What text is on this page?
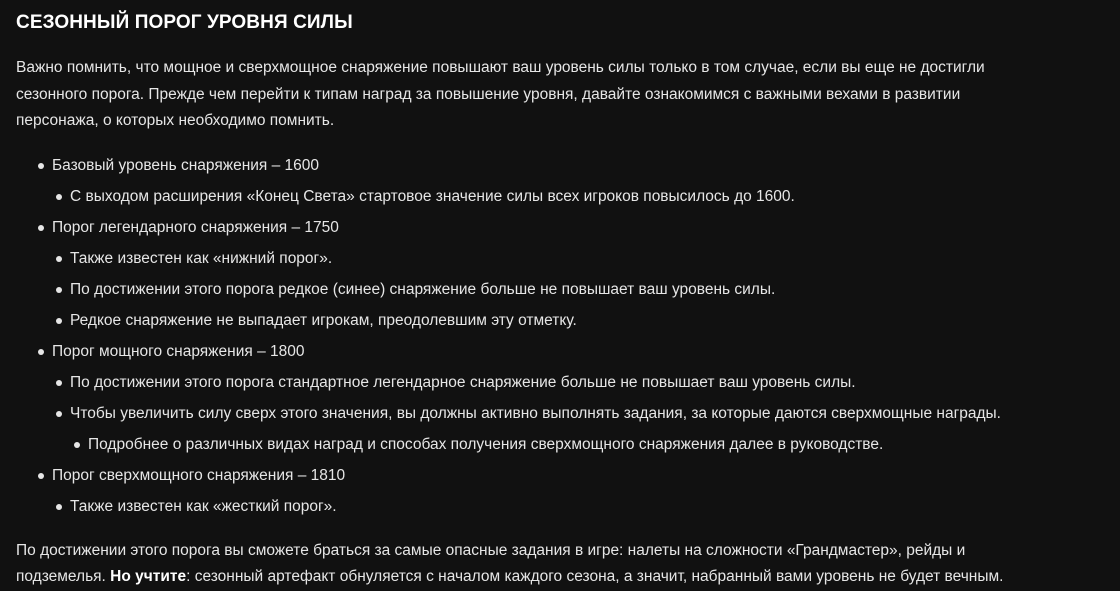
СЕЗОННЫЙ ПОРОГ УРОВНЯ СИЛЫ

Важно помнить, что мощное и сверхмощное снаряжение повышают ваш уровень силы только в том случае, если вы еще не достигли
сезонного порога. Прежде чем перейти к типам наград за повышение уровня, давайте ознакомимся с важными вехами в развитии
персонажа, о которых необходимо помнить.

Базовый уровень снаряжения – 1600
С выходом расширения «Конец Света» стартовое значение силы всех игроков повысилось до 1600.
Порог легендарного снаряжения – 1750
Также известен как «нижний порог».
По достижении этого порога редкое (синее) снаряжение больше не повышает ваш уровень силы.
Редкое снаряжение не выпадает игрокам, преодолевшим эту отметку.
Порог мощного снаряжения – 1800
По достижении этого порога стандартное легендарное снаряжение больше не повышает ваш уровень силы.
Чтобы увеличить силу сверх этого значения, вы должны активно выполнять задания, за которые даются сверхмощные награды.
Подробнее о различных видах наград и способах получения сверхмощного снаряжения далее в руководстве.
Порог сверхмощного снаряжения – 1810
Также известен как «жесткий порог».

По достижении этого порога вы сможете браться за самые опасные задания в игре: налеты на сложности «Грандмастер», рейды и
подземелья. Но учтите: сезонный артефакт обнуляется с началом каждого сезона, а значит, набранный вами уровень не будет вечным.
